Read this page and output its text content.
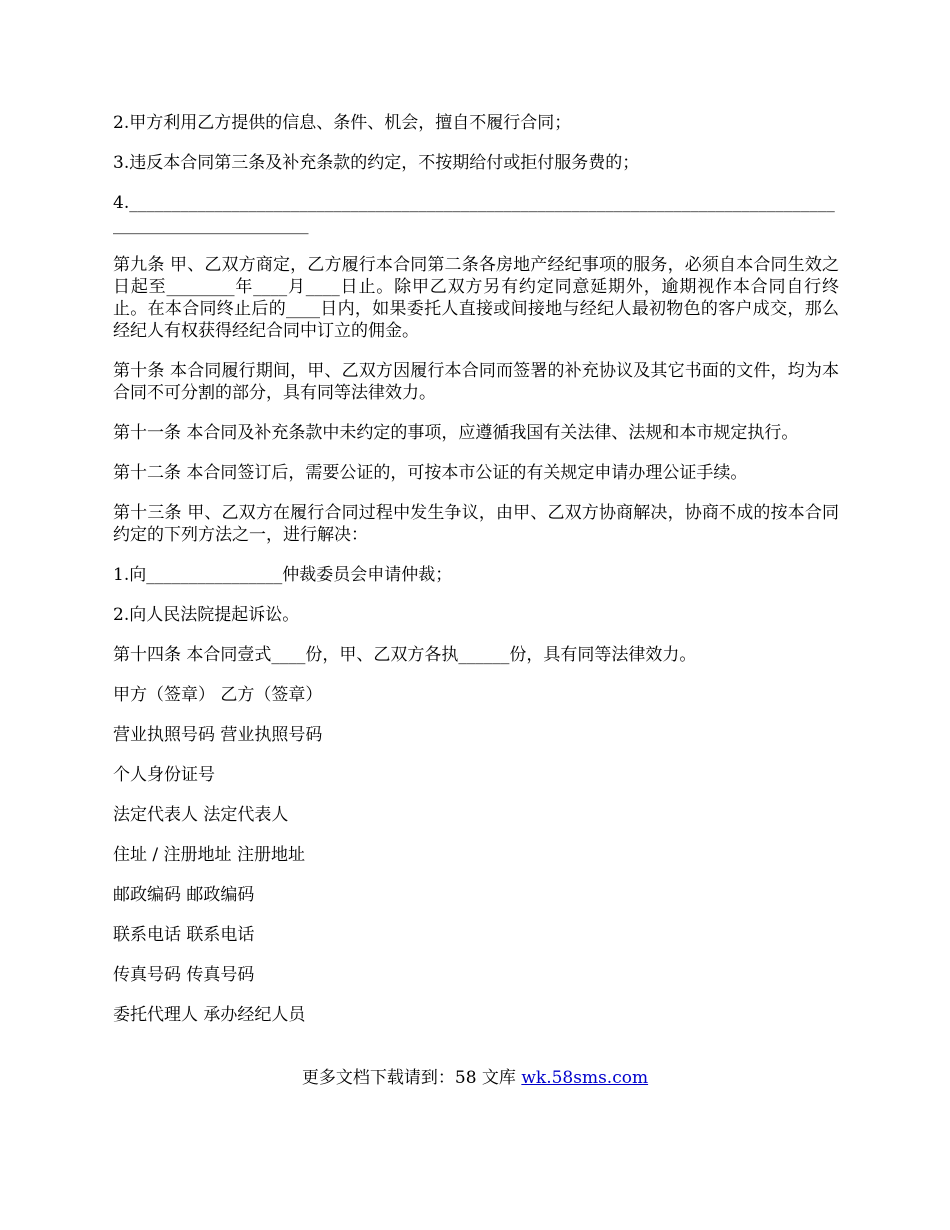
2.甲方利用乙方提供的信息、条件、机会，擅自不履行合同；

3.违反本合同第三条及补充条款的约定，不按期给付或拒付服务费的；

4.__________________________________________________________________________________________________________

第九条 甲、乙双方商定，乙方履行本合同第二条各房地产经纪事项的服务，必须自本合同生效之日起至________年____月____日止。除甲乙双方另有约定同意延期外，逾期视作本合同自行终止。在本合同终止后的____日内，如果委托人直接或间接地与经纪人最初物色的客户成交，那么经纪人有权获得经纪合同中订立的佣金。

第十条 本合同履行期间，甲、乙双方因履行本合同而签署的补充协议及其它书面的文件，均为本合同不可分割的部分，具有同等法律效力。

第十一条 本合同及补充条款中未约定的事项，应遵循我国有关法律、法规和本市规定执行。

第十二条 本合同签订后，需要公证的，可按本市公证的有关规定申请办理公证手续。

第十三条 甲、乙双方在履行合同过程中发生争议，由甲、乙双方协商解决，协商不成的按本合同约定的下列方法之一，进行解决：

1.向________________仲裁委员会申请仲裁；

2.向人民法院提起诉讼。

第十四条 本合同壹式____份，甲、乙双方各执______份，具有同等法律效力。

甲方（签章） 乙方（签章）

营业执照号码 营业执照号码

个人身份证号

法定代表人 法定代表人

住址 / 注册地址 注册地址

邮政编码 邮政编码

联系电话 联系电话

传真号码 传真号码

委托代理人 承办经纪人员

更多文档下载请到：58 文库 wk.58sms.com
